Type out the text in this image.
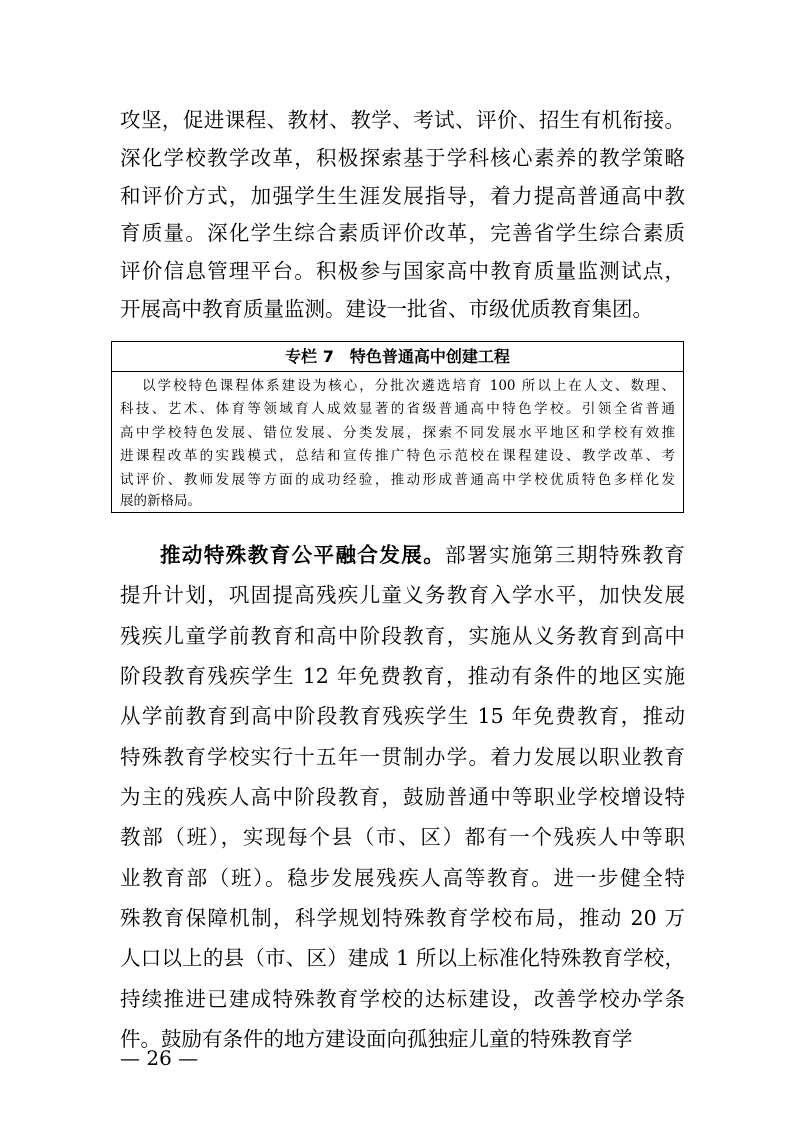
攻坚，促进课程、教材、教学、考试、评价、招生有机衔接。
深化学校教学改革，积极探索基于学科核心素养的教学策略
和评价方式，加强学生生涯发展指导，着力提高普通高中教
育质量。深化学生综合素质评价改革，完善省学生综合素质
评价信息管理平台。积极参与国家高中教育质量监测试点，
开展高中教育质量监测。建设一批省、市级优质教育集团。
专栏 7　特色普通高中创建工程
以学校特色课程体系建设为核心，分批次遴选培育 100 所以上在人文、数理、
科技、艺术、体育等领域育人成效显著的省级普通高中特色学校。引领全省普通
高中学校特色发展、错位发展、分类发展，探索不同发展水平地区和学校有效推
进课程改革的实践模式，总结和宣传推广特色示范校在课程建设、教学改革、考
试评价、教师发展等方面的成功经验，推动形成普通高中学校优质特色多样化发
展的新格局。
推动特殊教育公平融合发展。部署实施第三期特殊教育
提升计划，巩固提高残疾儿童义务教育入学水平，加快发展
残疾儿童学前教育和高中阶段教育，实施从义务教育到高中
阶段教育残疾学生 12 年免费教育，推动有条件的地区实施
从学前教育到高中阶段教育残疾学生 15 年免费教育，推动
特殊教育学校实行十五年一贯制办学。着力发展以职业教育
为主的残疾人高中阶段教育，鼓励普通中等职业学校增设特
教部（班），实现每个县（市、区）都有一个残疾人中等职
业教育部（班）。稳步发展残疾人高等教育。进一步健全特
殊教育保障机制，科学规划特殊教育学校布局，推动 20 万
人口以上的县（市、区）建成 1 所以上标准化特殊教育学校，
持续推进已建成特殊教育学校的达标建设，改善学校办学条
件。鼓励有条件的地方建设面向孤独症儿童的特殊教育学
— 26 —
